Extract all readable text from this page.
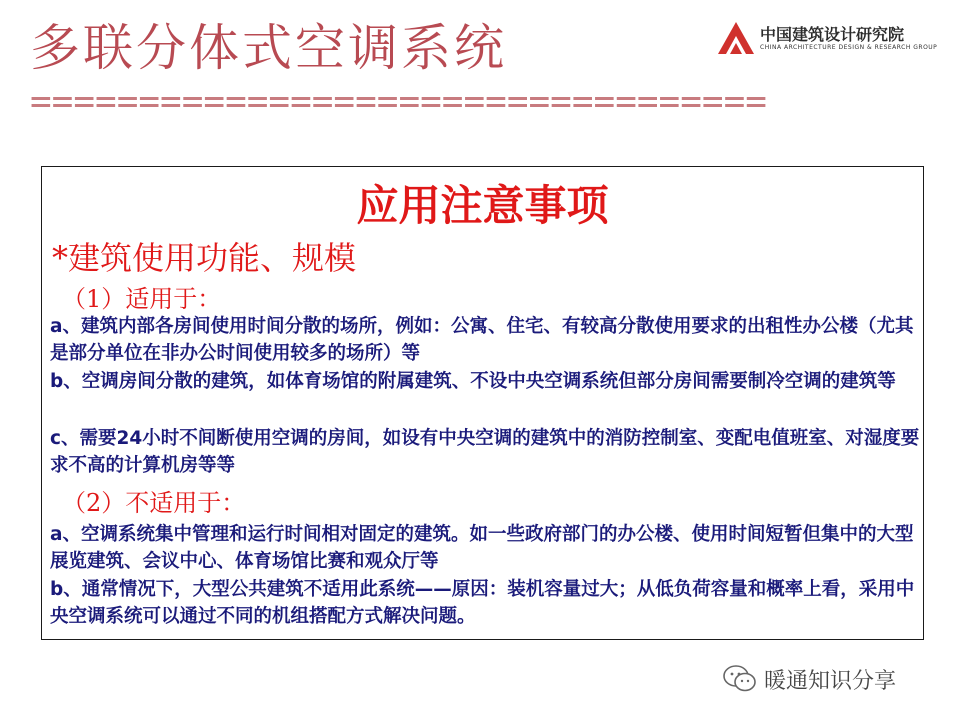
多联分体式空调系统	中国建筑设计研究院
CHINA ARCHITECTURE DESIGN & RESEARCH GROUP
==================================
应用注意事项
*建筑使用功能、规模
（1）适用于：
a、建筑内部各房间使用时间分散的场所，例如：公寓、住宅、有较高分散使用要求的出租性办公楼（尤其是部分单位在非办公时间使用较多的场所）等
b、空调房间分散的建筑，如体育场馆的附属建筑、不设中央空调系统但部分房间需要制冷空调的建筑等
c、需要24小时不间断使用空调的房间，如设有中央空调的建筑中的消防控制室、变配电值班室、对湿度要求不高的计算机房等等
（2）不适用于：
a、空调系统集中管理和运行时间相对固定的建筑。如一些政府部门的办公楼、使用时间短暂但集中的大型展览建筑、会议中心、体育场馆比赛和观众厅等
b、通常情况下，大型公共建筑不适用此系统——原因：装机容量过大；从低负荷容量和概率上看，采用中央空调系统可以通过不同的机组搭配方式解决问题。
暖通知识分享
